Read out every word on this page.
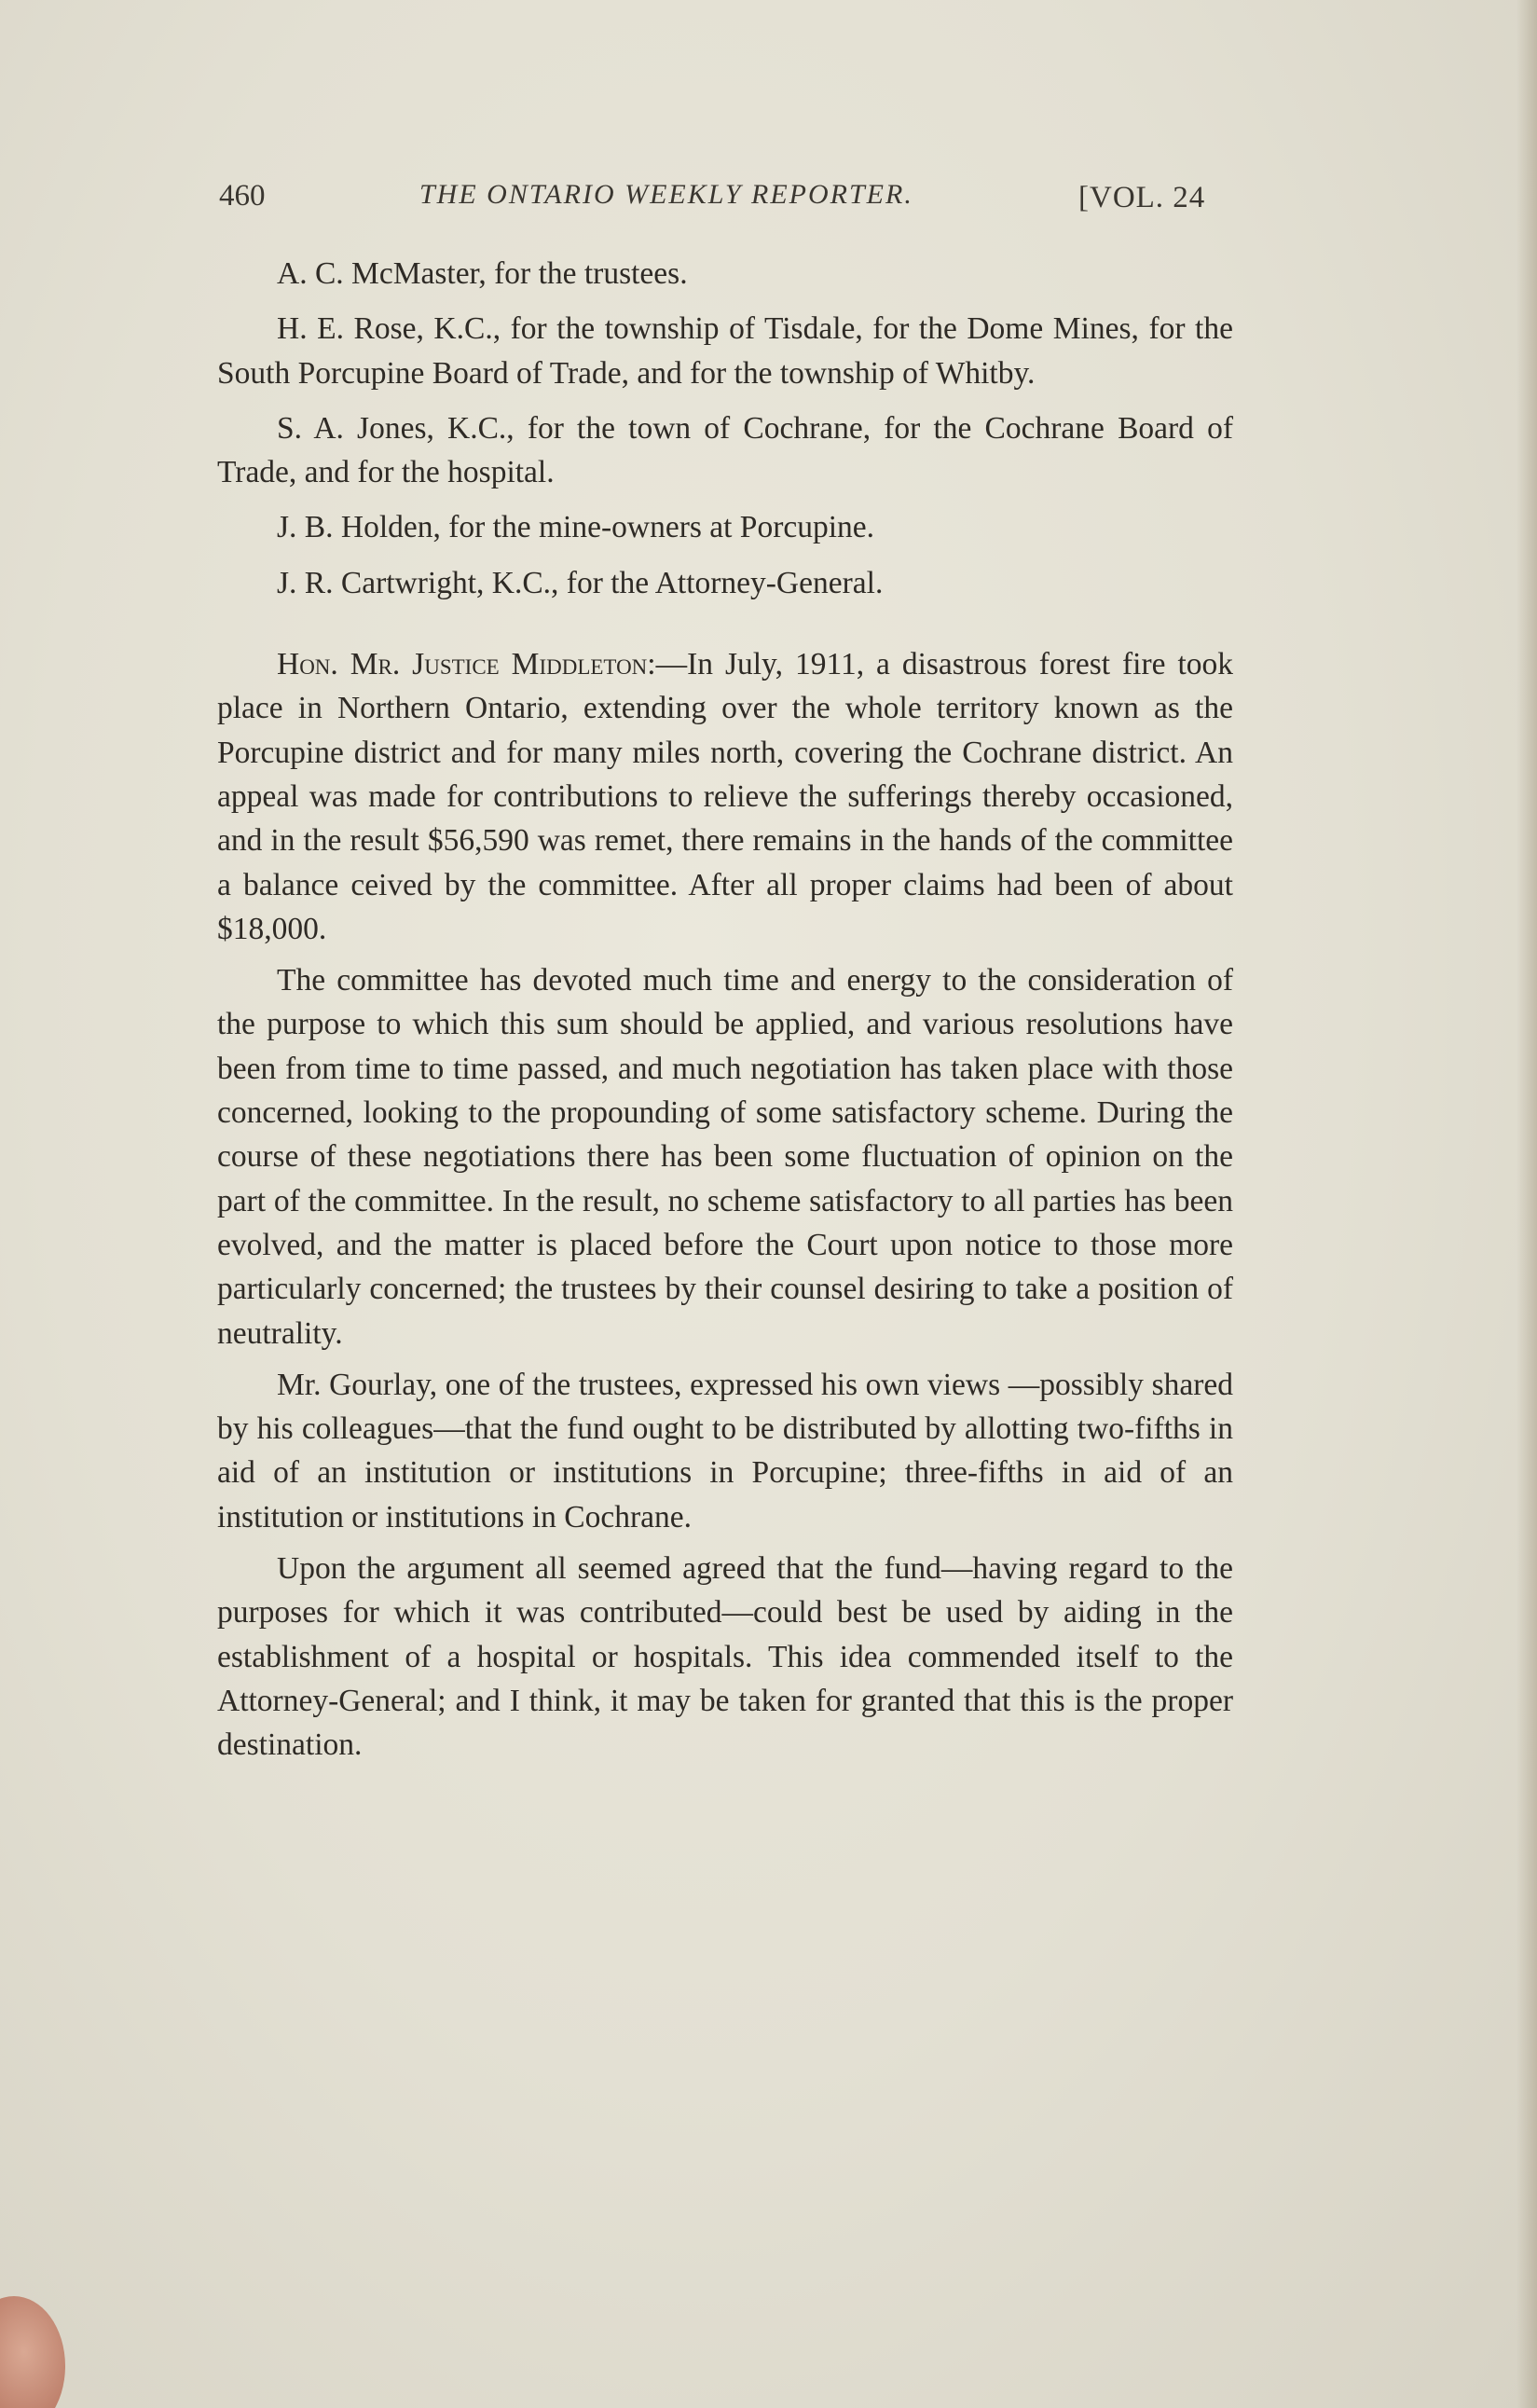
460	THE ONTARIO WEEKLY REPORTER.	[VOL. 24

A. C. McMaster, for the trustees.

H. E. Rose, K.C., for the township of Tisdale, for the Dome Mines, for the South Porcupine Board of Trade, and for the township of Whitby.

S. A. Jones, K.C., for the town of Cochrane, for the Cochrane Board of Trade, and for the hospital.

J. B. Holden, for the mine-owners at Porcupine.

J. R. Cartwright, K.C., for the Attorney-General.

Hon. Mr. Justice Middleton:—In July, 1911, a disastrous forest fire took place in Northern Ontario, extending over the whole territory known as the Porcupine district and for many miles north, covering the Cochrane district. An appeal was made for contributions to relieve the sufferings thereby occasioned, and in the result $56,590 was remet, there remains in the hands of the committee a balance ceived by the committee. After all proper claims had been of about $18,000.

The committee has devoted much time and energy to the consideration of the purpose to which this sum should be applied, and various resolutions have been from time to time passed, and much negotiation has taken place with those concerned, looking to the propounding of some satisfactory scheme. During the course of these negotiations there has been some fluctuation of opinion on the part of the committee. In the result, no scheme satisfactory to all parties has been evolved, and the matter is placed before the Court upon notice to those more particularly concerned; the trustees by their counsel desiring to take a position of neutrality.

Mr. Gourlay, one of the trustees, expressed his own views —possibly shared by his colleagues—that the fund ought to be distributed by allotting two-fifths in aid of an institution or institutions in Porcupine; three-fifths in aid of an institution or institutions in Cochrane.

Upon the argument all seemed agreed that the fund—having regard to the purposes for which it was contributed—could best be used by aiding in the establishment of a hospital or hospitals. This idea commended itself to the Attorney-General; and I think, it may be taken for granted that this is the proper destination.
